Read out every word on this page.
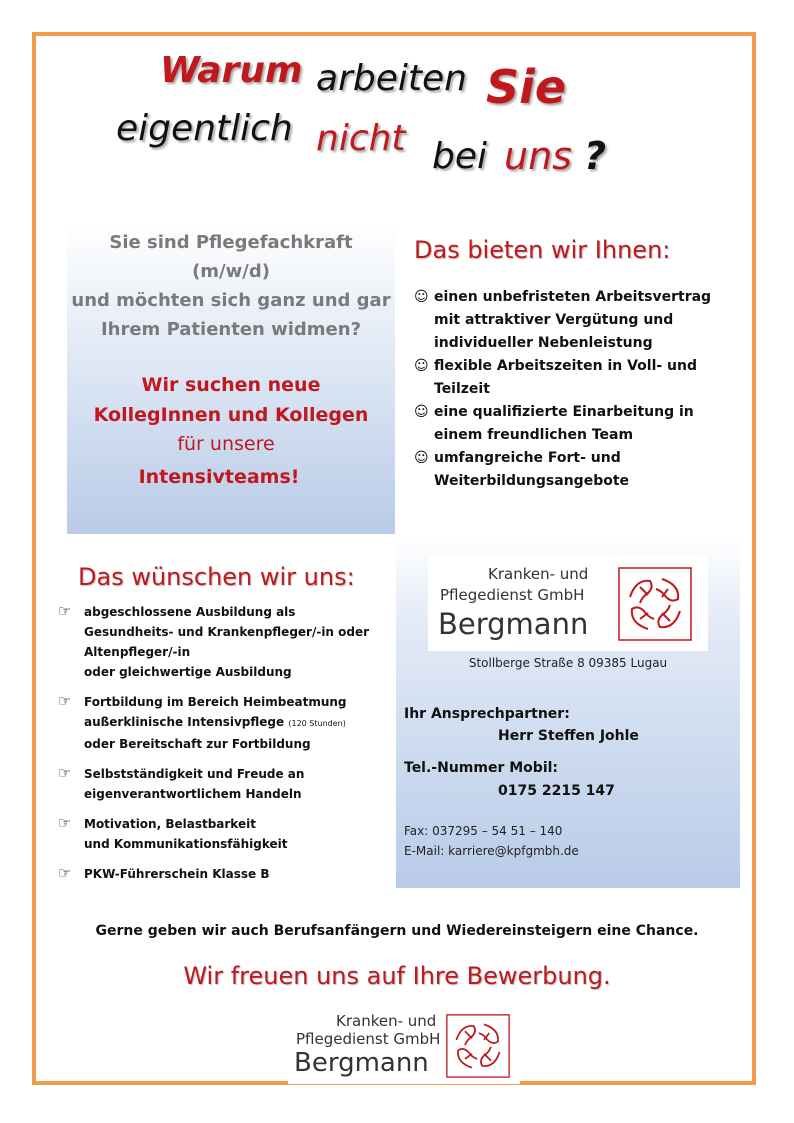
Warum arbeiten Sie
eigentlich nicht bei uns ?
Sie sind Pflegefachkraft
(m/w/d)
und möchten sich ganz und gar
Ihrem Patienten widmen?
Wir suchen neue
KollegInnen und Kollegen
für unsere
Intensivteams!
Das bieten wir Ihnen:
☺ einen unbefristeten Arbeitsvertrag mit attraktiver Vergütung und individueller Nebenleistung
☺ flexible Arbeitszeiten in Voll- und Teilzeit
☺ eine qualifizierte Einarbeitung in einem freundlichen Team
☺ umfangreiche Fort- und Weiterbildungsangebote
Das wünschen wir uns:
☞	abgeschlossene Ausbildung als Gesundheits- und Krankenpfleger/-in oder Altenpfleger/-in
oder gleichwertige Ausbildung
☞	Fortbildung im Bereich Heimbeatmung
außerklinische Intensivpflege (120 Stunden)
oder Bereitschaft zur Fortbildung
☞	Selbstständigkeit und Freude an eigenverantwortlichem Handeln
☞	Motivation, Belastbarkeit
und Kommunikationsfähigkeit
☞	PKW-Führerschein Klasse B
Kranken- und
Pflegedienst GmbH
Bergmann
Stollberge Straße 8 09385 Lugau
Ihr Ansprechpartner:
Herr Steffen Johle
Tel.-Nummer Mobil:
0175 2215 147
Fax: 037295 – 54 51 – 140
E-Mail: karriere@kpfgmbh.de
Gerne geben wir auch Berufsanfängern und Wiedereinsteigern eine Chance.
Wir freuen uns auf Ihre Bewerbung.
Kranken- und
Pflegedienst GmbH
Bergmann
